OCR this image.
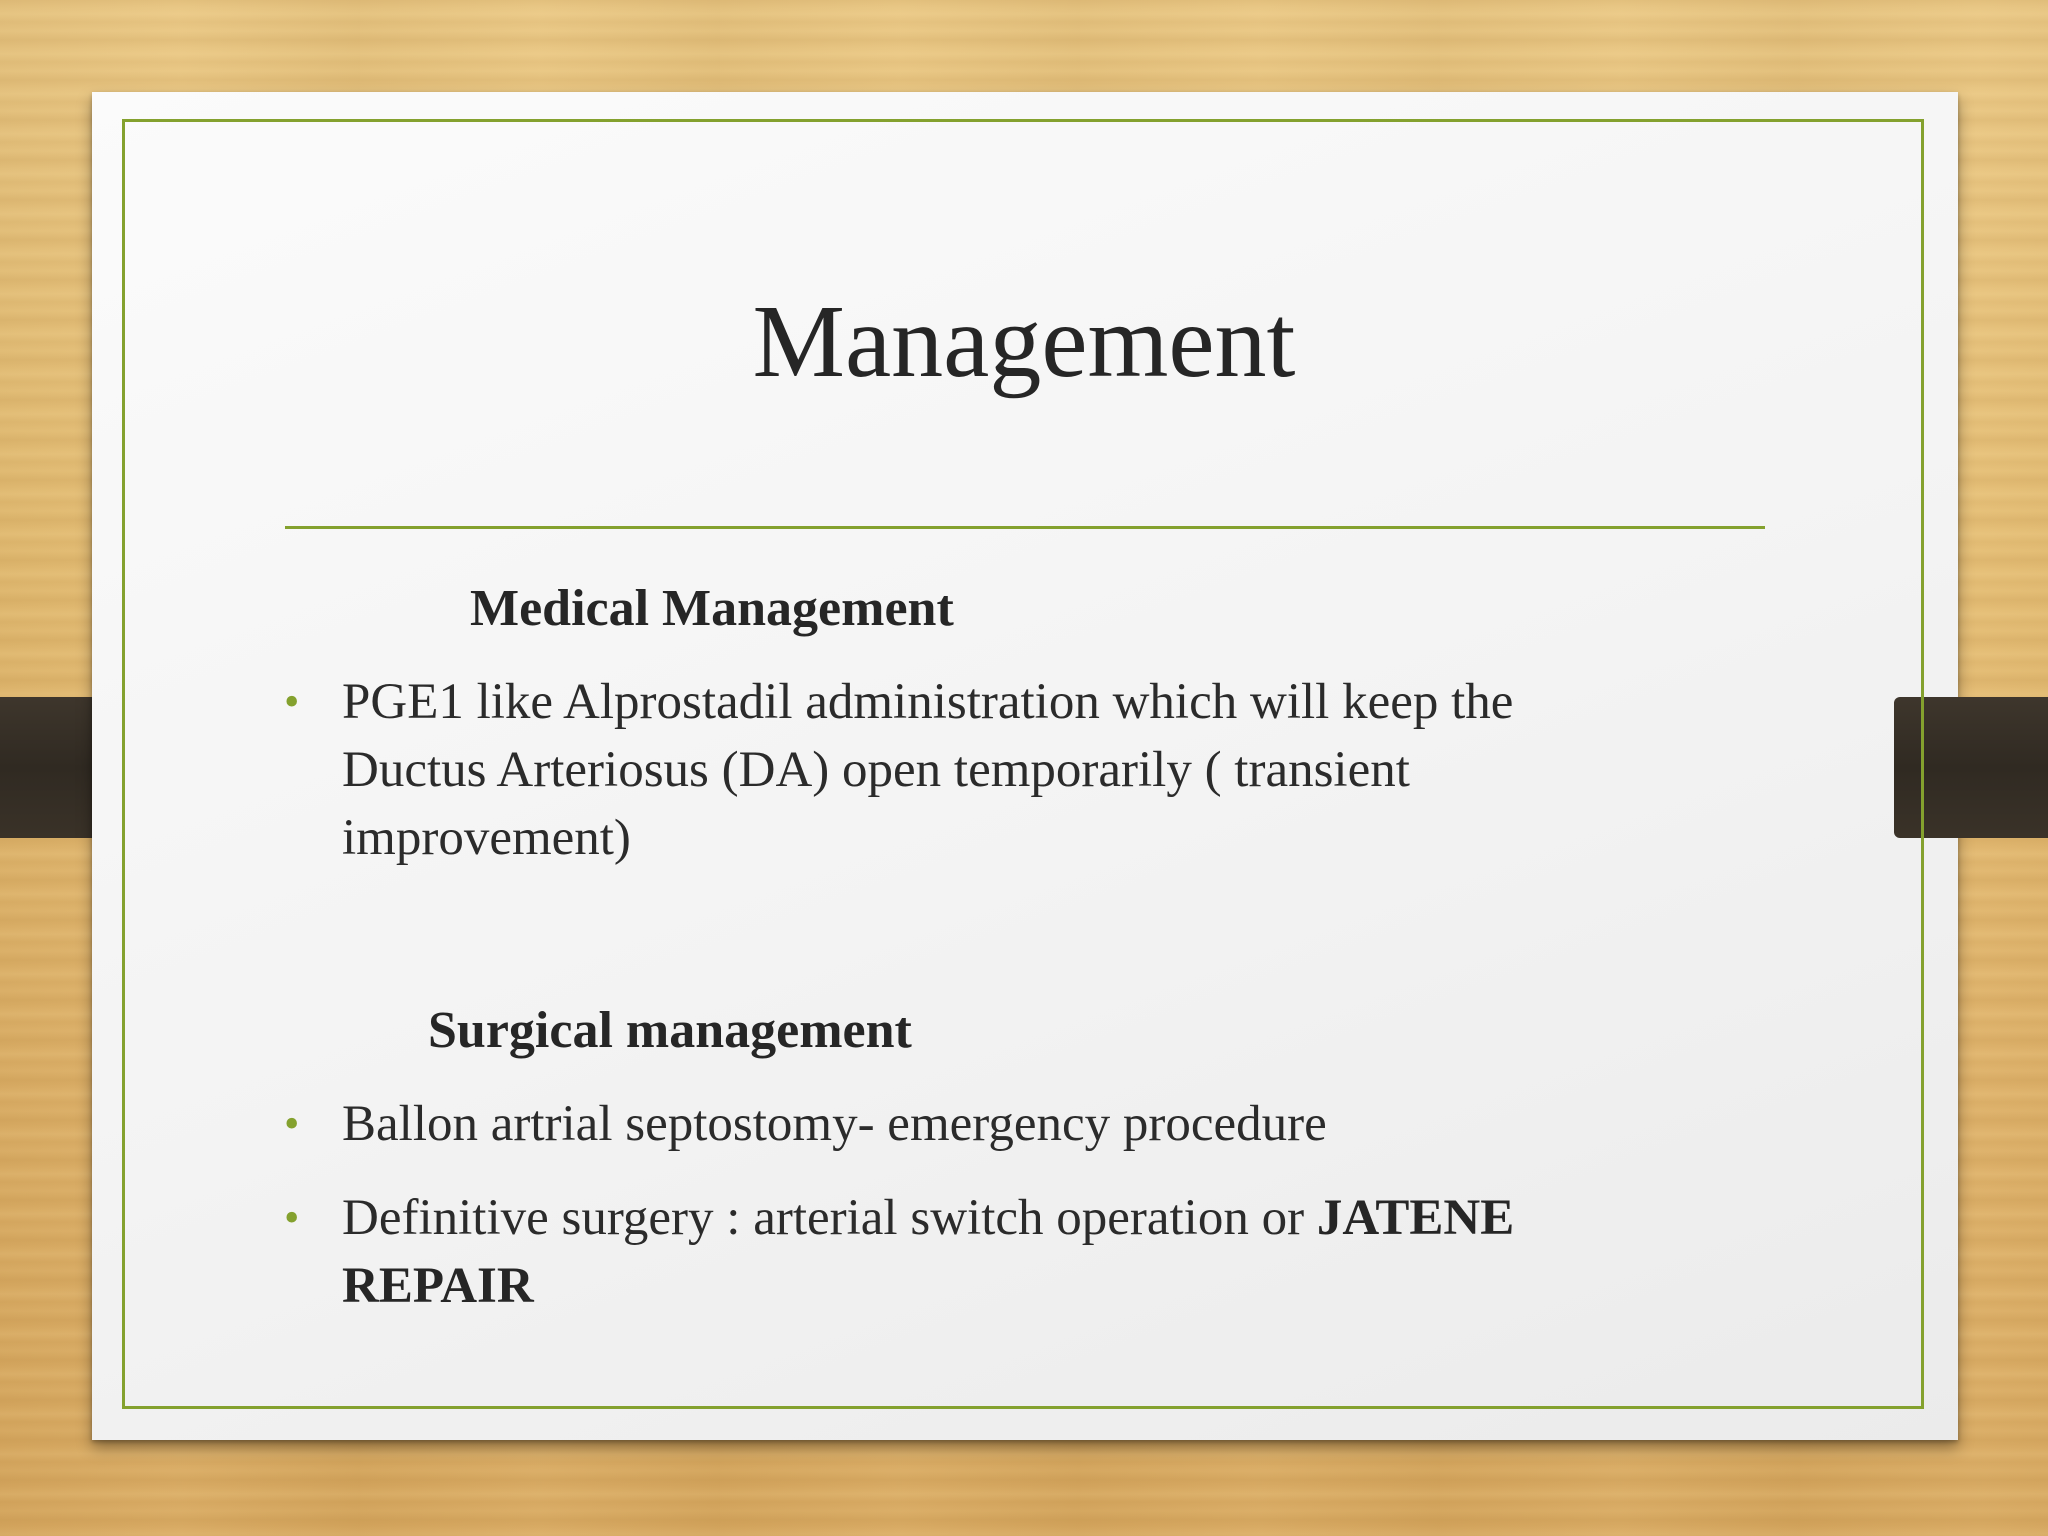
Management
Medical Management
• PGE1 like Alprostadil administration which will keep the Ductus Arteriosus (DA) open temporarily ( transient improvement)
Surgical management
• Ballon artrial septostomy- emergency procedure
• Definitive surgery : arterial switch operation or JATENE REPAIR
